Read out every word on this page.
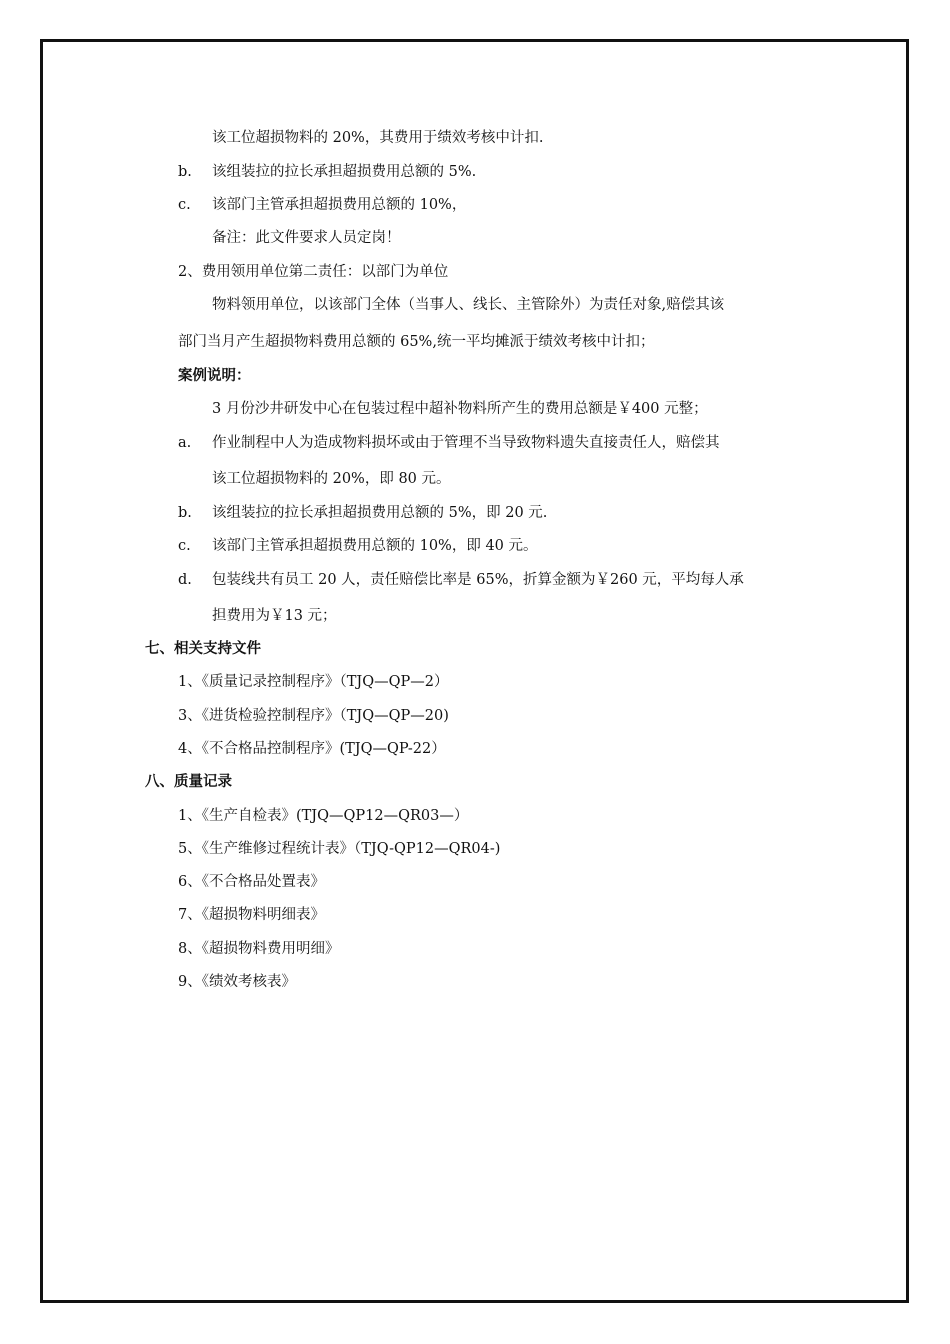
该工位超损物料的 20%，其费用于绩效考核中计扣.
b. 该组装拉的拉长承担超损费用总额的 5%.
c. 该部门主管承担超损费用总额的 10%，
备注：此文件要求人员定岗！
2、费用领用单位第二责任：以部门为单位
物料领用单位，以该部门全体（当事人、线长、主管除外）为责任对象,赔偿其该
部门当月产生超损物料费用总额的 65%,统一平均摊派于绩效考核中计扣；
案例说明：
3 月份沙井研发中心在包装过程中超补物料所产生的费用总额是￥400 元整；
a. 作业制程中人为造成物料损坏或由于管理不当导致物料遗失直接责任人，赔偿其
该工位超损物料的 20%，即 80 元。
b. 该组装拉的拉长承担超损费用总额的 5%，即 20 元.
c. 该部门主管承担超损费用总额的 10%，即 40 元。
d. 包装线共有员工 20 人，责任赔偿比率是 65%，折算金额为￥260 元，平均每人承
担费用为￥13 元；
七、相关支持文件
1、《质量记录控制程序》（TJQ—QP—2）
3、《进货检验控制程序》（TJQ—QP—20)
4、《不合格品控制程序》(TJQ—QP-22）
八、质量记录
1、《生产自检表》(TJQ—QP12—QR03—）
5、《生产维修过程统计表》（TJQ-QP12—QR04-)
6、《不合格品处置表》
7、《超损物料明细表》
8、《超损物料费用明细》
9、《绩效考核表》
